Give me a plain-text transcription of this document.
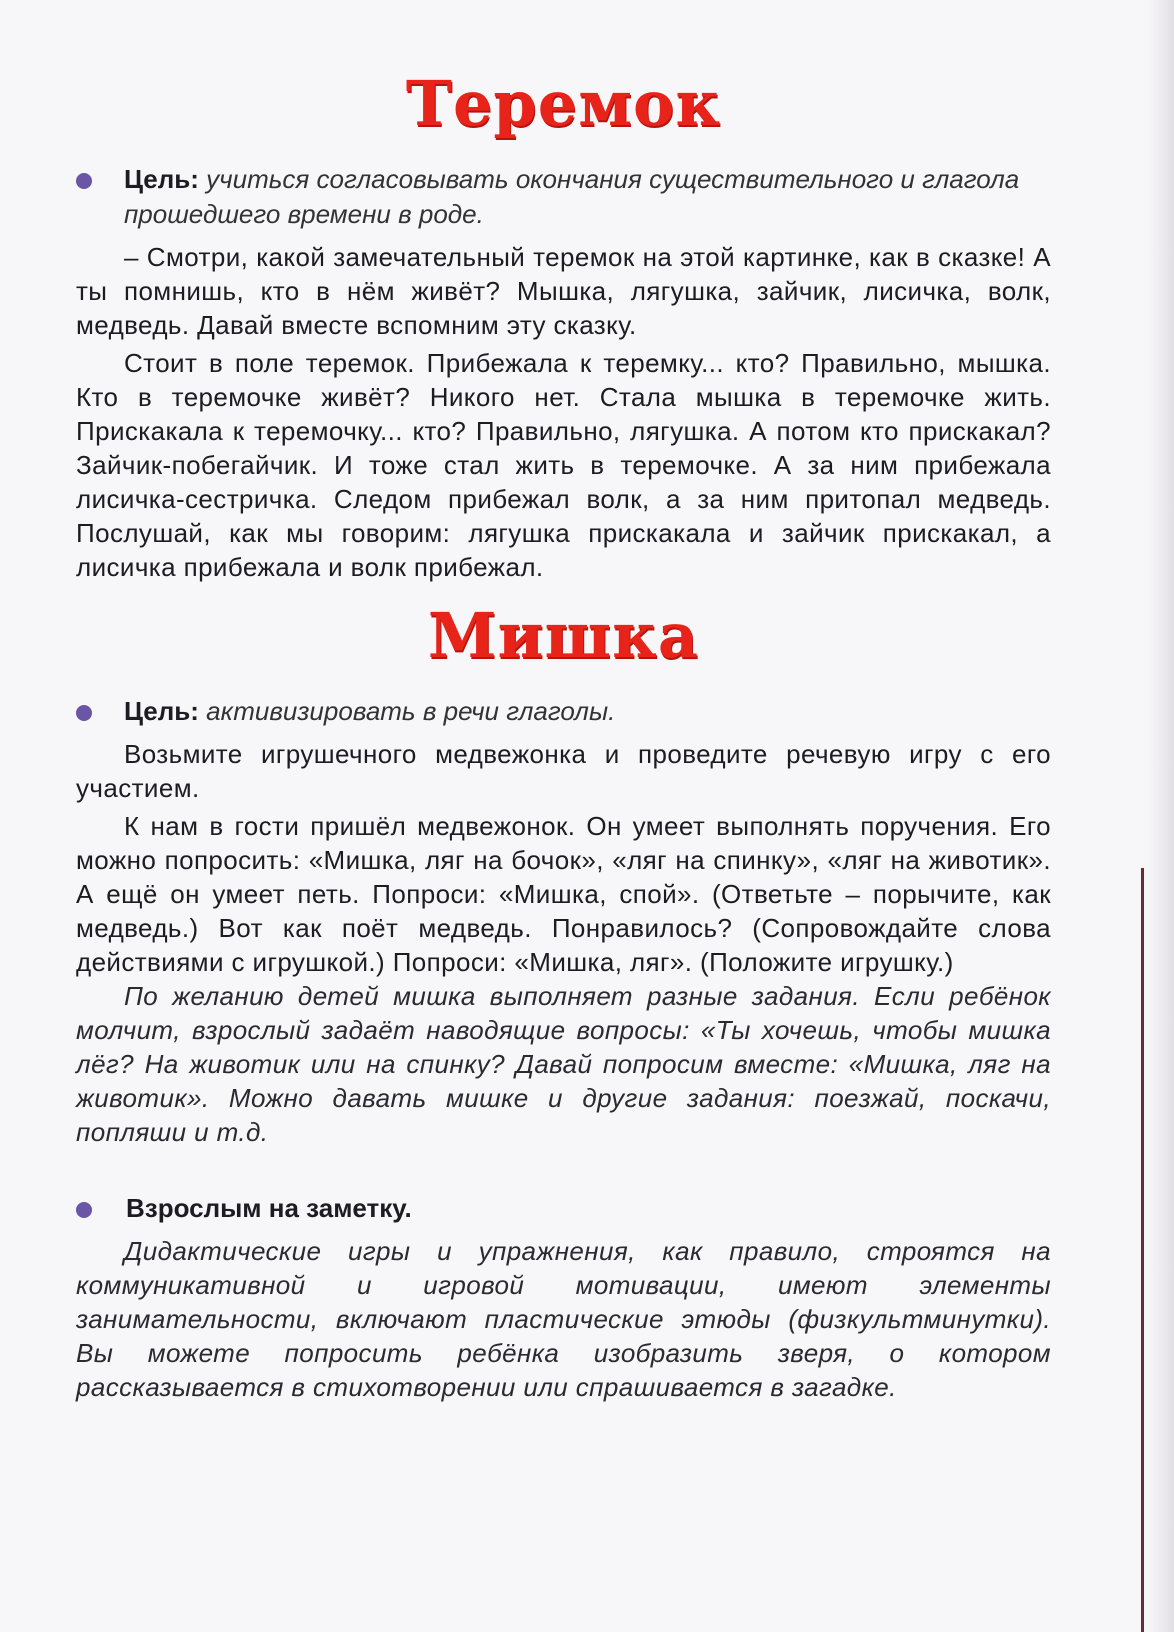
Теремок
Цель: учиться согласовывать окончания существительного и глагола прошедшего времени в роде.

– Смотри, какой замечательный теремок на этой картинке, как в сказке! А ты помнишь, кто в нём живёт? Мышка, лягушка, зайчик, лисичка, волк, медведь. Давай вместе вспомним эту сказку.

Стоит в поле теремок. Прибежала к теремку... кто? Правильно, мышка. Кто в теремочке живёт? Никого нет. Стала мышка в теремочке жить. Прискакала к теремочку... кто? Правильно, лягушка. А потом кто прискакал? Зайчик-побегайчик. И тоже стал жить в теремочке. А за ним прибежала лисичка-сестричка. Следом прибежал волк, а за ним притопал медведь. Послушай, как мы говорим: лягушка прискакала и зайчик прискакал, а лисичка прибежала и волк прибежал.

Мишка
Цель: активизировать в речи глаголы.

Возьмите игрушечного медвежонка и проведите речевую игру с его участием.

К нам в гости пришёл медвежонок. Он умеет выполнять поручения. Его можно попросить: «Мишка, ляг на бочок», «ляг на спинку», «ляг на животик». А ещё он умеет петь. Попроси: «Мишка, спой». (Ответьте – порычите, как медведь.) Вот как поёт медведь. Понравилось? (Сопровождайте слова действиями с игрушкой.) Попроси: «Мишка, ляг». (Положите игрушку.)

По желанию детей мишка выполняет разные задания. Если ребёнок молчит, взрослый задаёт наводящие вопросы: «Ты хочешь, чтобы мишка лёг? На животик или на спинку? Давай попросим вместе: «Мишка, ляг на животик». Можно давать мишке и другие задания: поезжай, поскачи, попляши и т.д.

Взрослым на заметку.

Дидактические игры и упражнения, как правило, строятся на коммуникативной и игровой мотивации, имеют элементы занимательности, включают пластические этюды (физкультминутки). Вы можете попросить ребёнка изобразить зверя, о котором рассказывается в стихотворении или спрашивается в загадке.
